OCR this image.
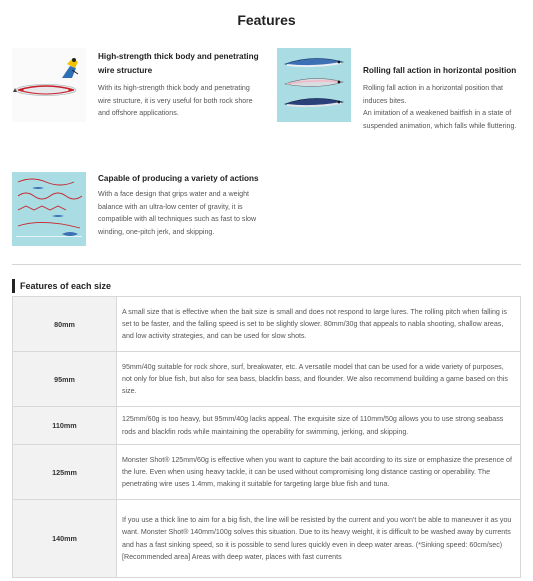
Features
High-strength thick body and penetrating wire structure
With its high-strength thick body and penetrating wire structure, it is very useful for both rock shore and offshore applications.
Rolling fall action in horizontal position
Rolling fall action in a horizontal position that induces bites.
An imitation of a weakened baitfish in a state of suspended animation, which falls while fluttering.
Capable of producing a variety of actions
With a face design that grips water and a weight balance with an ultra-low center of gravity, it is compatible with all techniques such as fast to slow winding, one-pitch jerk, and skipping.
Features of each size
80mm	A small size that is effective when the bait size is small and does not respond to large lures. The rolling pitch when falling is set to be faster, and the falling speed is set to be slightly slower. 80mm/30g that appeals to nabla shooting, shallow areas, and low activity strategies, and can be used for slow shots.

95mm	95mm/40g suitable for rock shore, surf, breakwater, etc. A versatile model that can be used for a wide variety of purposes, not only for blue fish, but also for sea bass, blackfin bass, and flounder. We also recommend building a game based on this size.

110mm	125mm/60g is too heavy, but 95mm/40g lacks appeal. The exquisite size of 110mm/50g allows you to use strong seabass rods and blackfin rods while maintaining the operability for swimming, jerking, and skipping.

125mm	Monster Shot® 125mm/60g is effective when you want to capture the bait according to its size or emphasize the presence of the lure. Even when using heavy tackle, it can be used without compromising long distance casting or operability. The penetrating wire uses 1.4mm, making it suitable for targeting large blue fish and tuna.

140mm	If you use a thick line to aim for a big fish, the line will be resisted by the current and you won't be able to maneuver it as you want. Monster Shot® 140mm/100g solves this situation. Due to its heavy weight, it is difficult to be washed away by currents and has a fast sinking speed, so it is possible to send lures quickly even in deep water areas. (*Sinking speed: 60cm/sec)
[Recommended area] Areas with deep water, places with fast currents
